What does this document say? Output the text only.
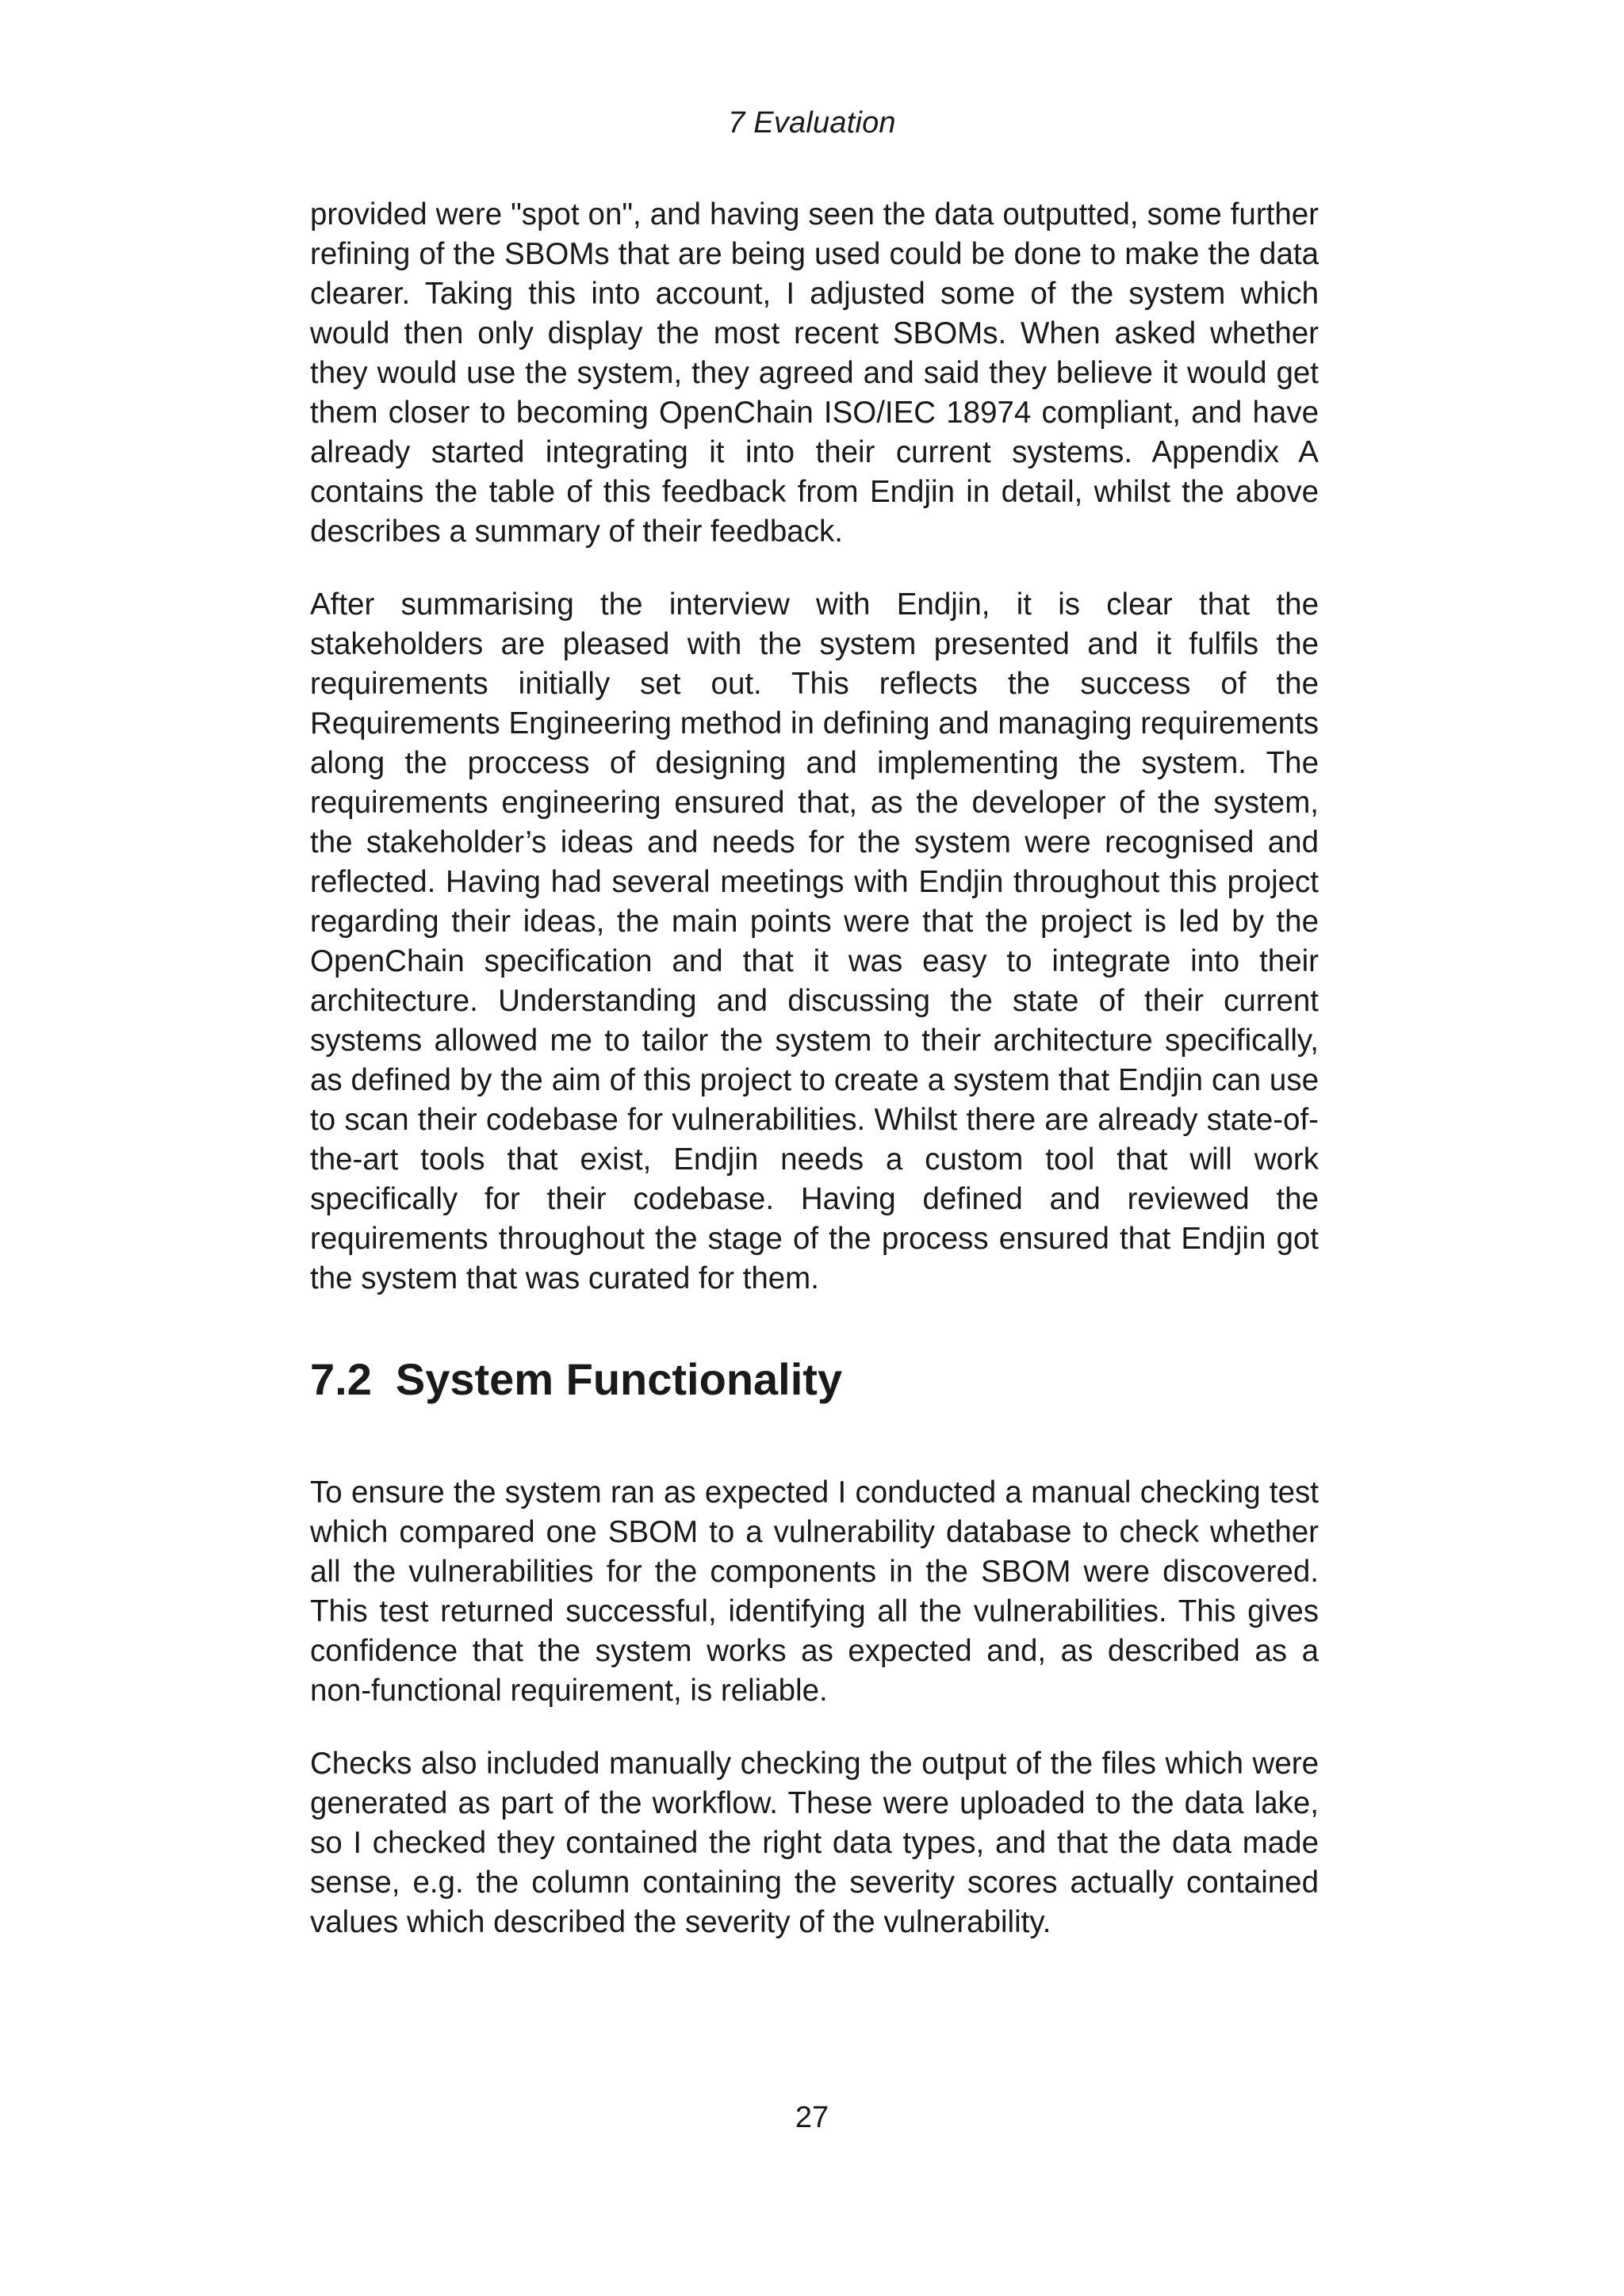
7 Evaluation

provided were "spot on", and having seen the data outputted, some further refining of the SBOMs that are being used could be done to make the data clearer. Taking this into account, I adjusted some of the system which would then only display the most recent SBOMs. When asked whether they would use the system, they agreed and said they believe it would get them closer to becoming OpenChain ISO/IEC 18974 compliant, and have already started integrating it into their current systems. Appendix A contains the table of this feedback from Endjin in detail, whilst the above describes a summary of their feedback.

After summarising the interview with Endjin, it is clear that the stakeholders are pleased with the system presented and it fulfils the requirements initially set out. This reflects the success of the Requirements Engineering method in defining and managing requirements along the proccess of designing and implementing the system. The requirements engineering ensured that, as the developer of the system, the stakeholder’s ideas and needs for the system were recognised and reflected. Having had several meetings with Endjin throughout this project regarding their ideas, the main points were that the project is led by the OpenChain specification and that it was easy to integrate into their architecture. Understanding and discussing the state of their current systems allowed me to tailor the system to their architecture specifically, as defined by the aim of this project to create a system that Endjin can use to scan their codebase for vulnerabilities. Whilst there are already state-of-the-art tools that exist, Endjin needs a custom tool that will work specifically for their codebase. Having defined and reviewed the requirements throughout the stage of the process ensured that Endjin got the system that was curated for them.

7.2 System Functionality

To ensure the system ran as expected I conducted a manual checking test which compared one SBOM to a vulnerability database to check whether all the vulnerabilities for the components in the SBOM were discovered. This test returned successful, identifying all the vulnerabilities. This gives confidence that the system works as expected and, as described as a non-functional requirement, is reliable.

Checks also included manually checking the output of the files which were generated as part of the workflow. These were uploaded to the data lake, so I checked they contained the right data types, and that the data made sense, e.g. the column containing the severity scores actually contained values which described the severity of the vulnerability.

27
